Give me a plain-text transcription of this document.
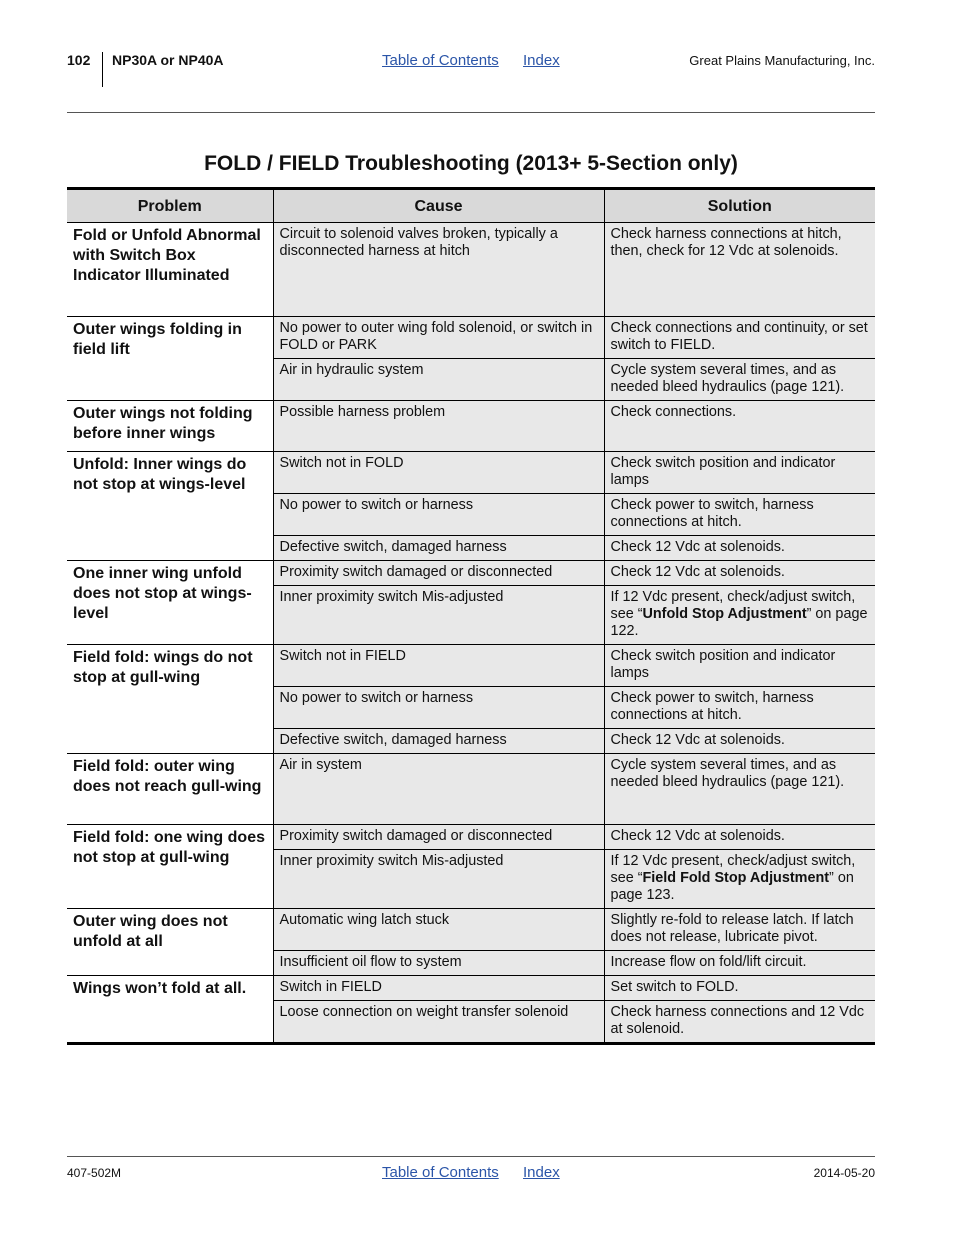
102 NP30A or NP40A	Table of Contents Index	Great Plains Manufacturing, Inc.
FOLD / FIELD Troubleshooting (2013+ 5-Section only)
Problem	Cause	Solution
Fold or Unfold Abnormal with Switch Box Indicator Illuminated	Circuit to solenoid valves broken, typically a disconnected harness at hitch	Check harness connections at hitch, then, check for 12 Vdc at solenoids.
Outer wings folding in field lift	No power to outer wing fold solenoid, or switch in FOLD or PARK	Check connections and continuity, or set switch to FIELD.
	Air in hydraulic system	Cycle system several times, and as needed bleed hydraulics (page 121).
Outer wings not folding before inner wings	Possible harness problem	Check connections.
Unfold: Inner wings do not stop at wings-level	Switch not in FOLD	Check switch position and indicator lamps
	No power to switch or harness	Check power to switch, harness connections at hitch.
	Defective switch, damaged harness	Check 12 Vdc at solenoids.
One inner wing unfold does not stop at wings-level	Proximity switch damaged or disconnected	Check 12 Vdc at solenoids.
	Inner proximity switch Mis-adjusted	If 12 Vdc present, check/adjust switch, see “Unfold Stop Adjustment” on page 122.
Field fold: wings do not stop at gull-wing	Switch not in FIELD	Check switch position and indicator lamps
	No power to switch or harness	Check power to switch, harness connections at hitch.
	Defective switch, damaged harness	Check 12 Vdc at solenoids.
Field fold: outer wing does not reach gull-wing	Air in system	Cycle system several times, and as needed bleed hydraulics (page 121).
Field fold: one wing does not stop at gull-wing	Proximity switch damaged or disconnected	Check 12 Vdc at solenoids.
	Inner proximity switch Mis-adjusted	If 12 Vdc present, check/adjust switch, see “Field Fold Stop Adjustment” on page 123.
Outer wing does not unfold at all	Automatic wing latch stuck	Slightly re-fold to release latch. If latch does not release, lubricate pivot.
	Insufficient oil flow to system	Increase flow on fold/lift circuit.
Wings won’t fold at all.	Switch in FIELD	Set switch to FOLD.
	Loose connection on weight transfer solenoid	Check harness connections and 12 Vdc at solenoid.
407-502M	Table of Contents Index	2014-05-20
